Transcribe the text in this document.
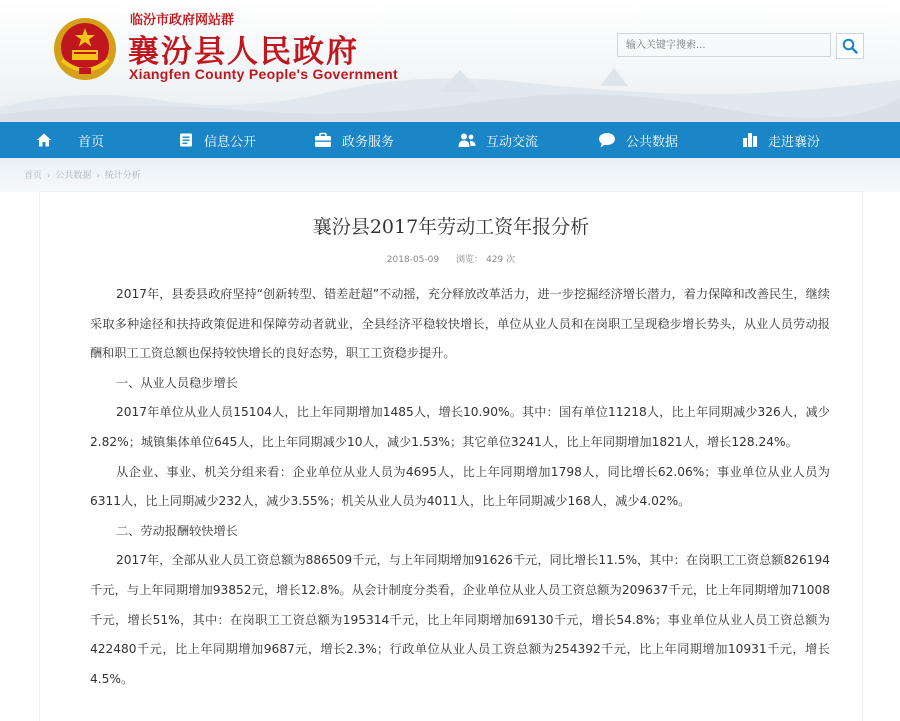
临汾市政府网站群
襄汾县人民政府
Xiangfen County People's Government
输入关键字搜索...
首页	信息公开	政务服务	互动交流	公共数据	走进襄汾
首页 › 公共数据 › 统计分析
襄汾县2017年劳动工资年报分析
2018-05-09 浏览： 429 次

2017年，县委县政府坚持“创新转型、错差赶超”不动摇，充分释放改革活力，进一步挖掘经济增长潜力，着力保障和改善民生，继续采取多种途径和扶持政策促进和保障劳动者就业，全县经济平稳较快增长，单位从业人员和在岗职工呈现稳步增长势头，从业人员劳动报酬和职工工资总额也保持较快增长的良好态势，职工工资稳步提升。

一、从业人员稳步增长

2017年单位从业人员15104人，比上年同期增加1485人，增长10.90%。其中：国有单位11218人，比上年同期减少326人，减少2.82%；城镇集体单位645人，比上年同期减少10人，减少1.53%；其它单位3241人，比上年同期增加1821人，增长128.24%。

从企业、事业、机关分组来看：企业单位从业人员为4695人，比上年同期增加1798人，同比增长62.06%；事业单位从业人员为6311人，比上同期减少232人，减少3.55%；机关从业人员为4011人，比上年同期减少168人，减少4.02%。

二、劳动报酬较快增长

2017年，全部从业人员工资总额为886509千元，与上年同期增加91626千元，同比增长11.5%，其中：在岗职工工资总额826194千元，与上年同期增加93852元，增长12.8%。从会计制度分类看，企业单位从业人员工资总额为209637千元，比上年同期增加71008千元，增长51%，其中：在岗职工工资总额为195314千元，比上年同期增加69130千元，增长54.8%；事业单位从业人员工资总额为422480千元，比上年同期增加9687元，增长2.3%；行政单位从业人员工资总额为254392千元，比上年同期增加10931千元，增长4.5%。
